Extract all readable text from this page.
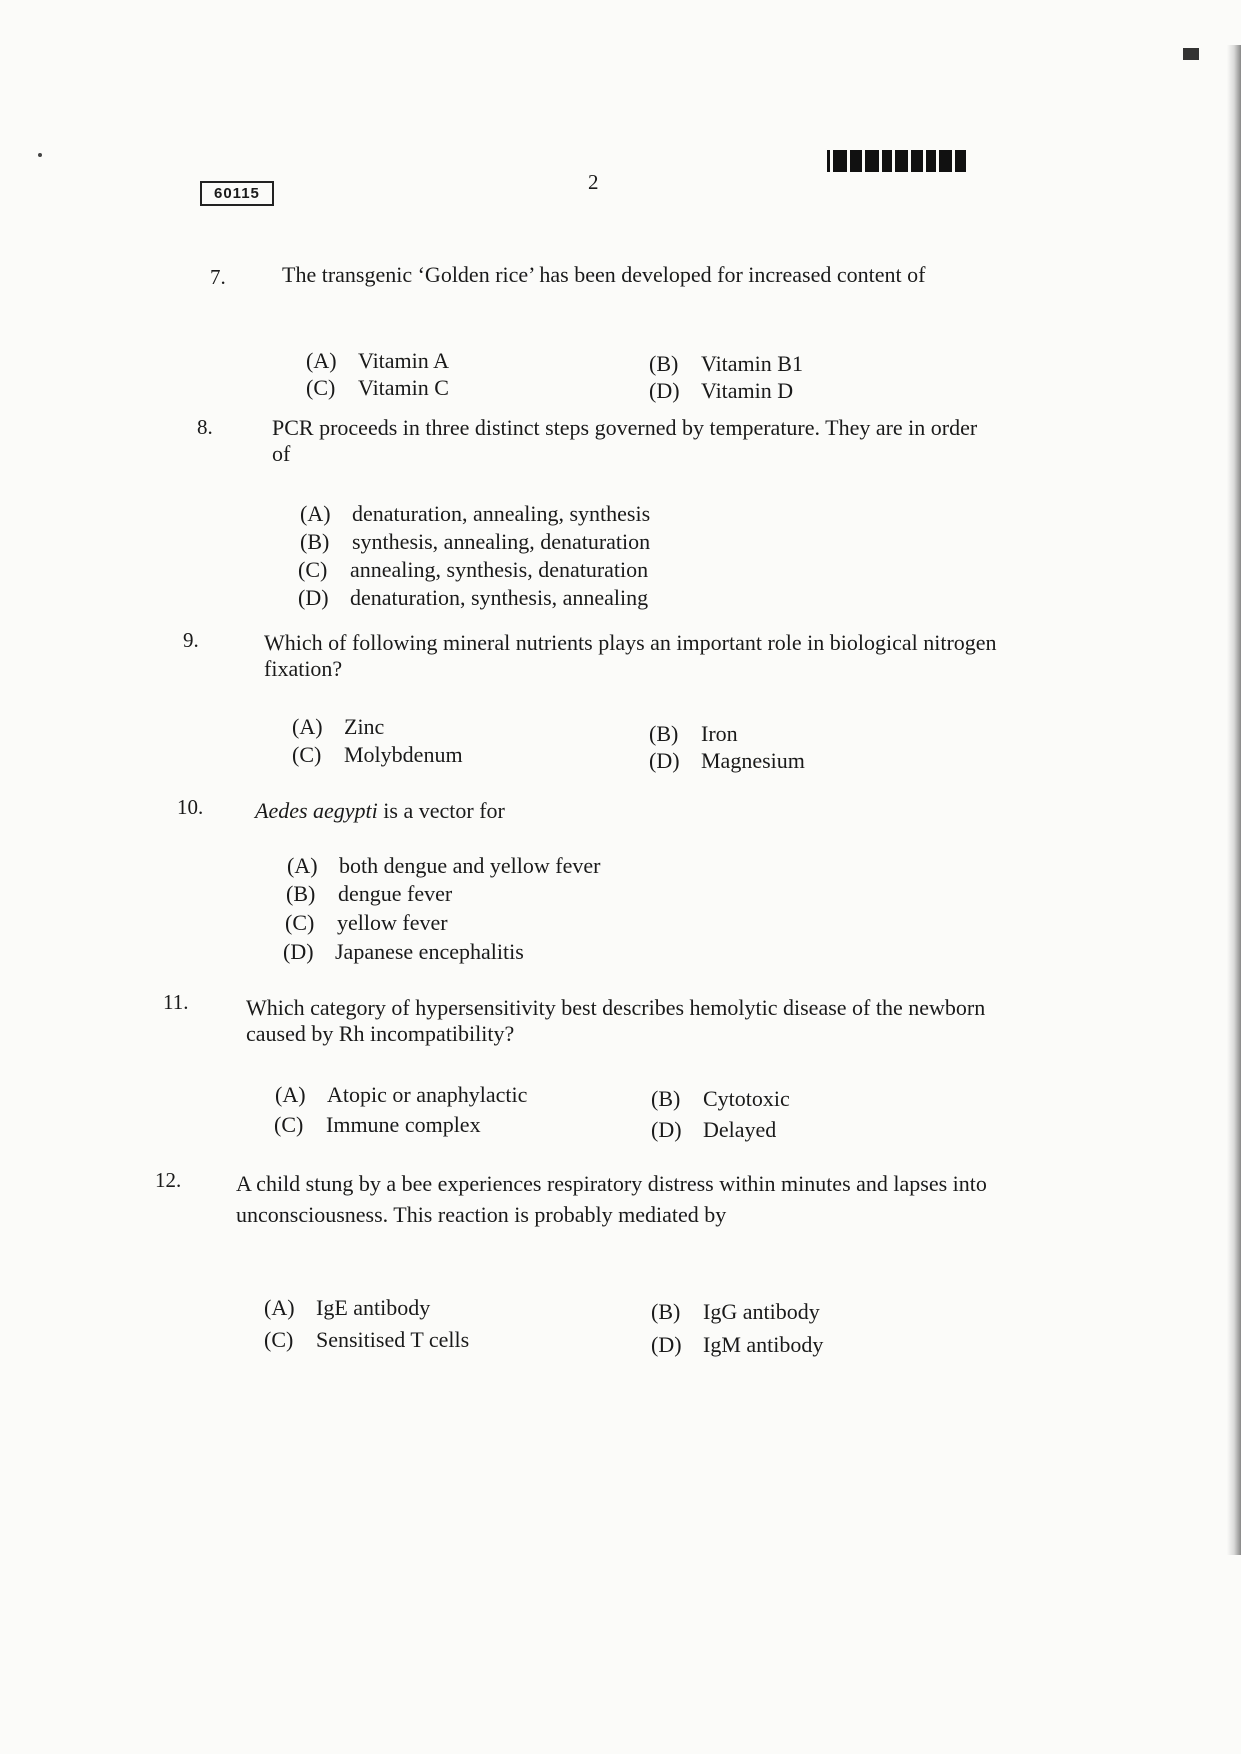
60115	2
7.	The transgenic ‘Golden rice’ has been developed for increased content of
(A) Vitamin A	(B) Vitamin B1
(C) Vitamin C	(D) Vitamin D
8.	PCR proceeds in three distinct steps governed by temperature. They are in order of
(A) denaturation, annealing, synthesis
(B) synthesis, annealing, denaturation
(C) annealing, synthesis, denaturation
(D) denaturation, synthesis, annealing
9.	Which of following mineral nutrients plays an important role in biological nitrogen fixation?
(A) Zinc	(B) Iron
(C) Molybdenum	(D) Magnesium
10. Aedes aegypti is a vector for
(A) both dengue and yellow fever
(B) dengue fever
(C) yellow fever
(D) Japanese encephalitis
11.	Which category of hypersensitivity best describes hemolytic disease of the newborn caused by Rh incompatibility?
(A) Atopic or anaphylactic	(B) Cytotoxic
(C) Immune complex	(D) Delayed
12. A child stung by a bee experiences respiratory distress within minutes and lapses into unconsciousness. This reaction is probably mediated by
(A) IgE antibody	(B) IgG antibody
(C) Sensitised T cells	(D) IgM antibody
